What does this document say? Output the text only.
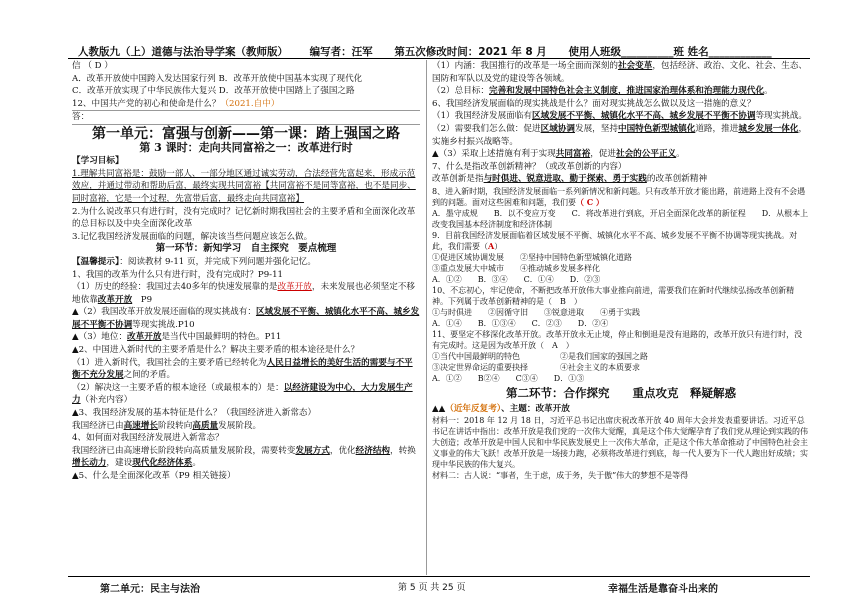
人教版九（上）道德与法治导学案（教师版） 编写者：汪军 第五次修改时间：2021 年 8 月 使用人班级__________班 姓名____________
信 （ D ）
A．改革开放使中国跨入发达国家行列 B．改革开放使中国基本实现了现代化
C．改革开放实现了中华民族伟大复兴 D．改革开放使中国踏上了强国之路
12、中国共产党的初心和使命是什么？（2021.自中）
答：
第一单元：富强与创新——第一课：踏上强国之路
第 3 课时：走向共同富裕之一：改革进行时
【学习目标】
1.理解共同富裕是：鼓励一部人、一部分地区通过诚实劳动，合法经营先富起来，形成示范效应，并通过带动和帮助后富，最终实现共同富裕【共同富裕不是同等富裕，也不是同步、同时富裕，它是一个过程，先富带后富，最终走向共同富裕】
2.为什么说改革只有进行时，没有完成时？记忆新时期我国社会的主要矛盾和全面深化改革的总目标以及中央全面深化改革
3.记忆我国经济发展面临的问题，解决该当些问题应该怎么做。
第一环节：新知学习　自主探究　要点梳理
【温馨提示】：阅读教材 9-11 页，并完成下列问题并强化记忆。
1、我国的改革为什么只有进行时，没有完成时？P9-11
（1）历史的经验：我国过去40多年的快速发展靠的是改革开放，未来发展也必须坚定不移地依靠改革开放　 P9
▲（2）我国改革开放发展还面临的现实挑战有：区域发展不平衡、城镇化水平不高、城乡发展不平衡不协调等现实挑战.P10
▲（3）地位：改革开放是当代中国最鲜明的特色。P11
▲2、中国进入新时代的主要矛盾是什么？解决主要矛盾的根本途径是什么？
（1）进入新时代，我国社会的主要矛盾已经转化为人民日益增长的美好生活的需要与不平衡不充分发展之间的矛盾。
（2）解决这一主要矛盾的根本途径（或最根本的）是：以经济建设为中心，大力发展生产力（补充内容）
▲3、我国经济发展的基本特征是什么？（我国经济进入新常态）
我国经济已由高速增长阶段转向高质量发展阶段。
4、如何面对我国经济发展进入新常态？
我国经济已由高速增长阶段转向高质量发展阶段，需要转变发展方式，优化经济结构，转换增长动力，建设现代化经济体系。
▲5、什么是全面深化改革（P9 相关链接）
（1）内涵：我国推行的改革是一场全面而深刻的社会变革，包括经济、政治、文化、社会、生态、国防和军队以及党的建设等各领域。
（2）总目标：完善和发展中国特色社会主义制度，推进国家治理体系和治理能力现代化。
6、我国经济发展面临的现实挑战是什么？面对现实挑战怎么做以及这一措施的意义？
（1）我国经济发展面临有区域发展不平衡、城镇化水平不高、城乡发展不平衡不协调等现实挑战。
（2）需要我们怎么做：促进区域协调发展，坚持中国特色新型城镇化道路，推进城乡发展一体化，实施乡村振兴战略等。
▲（3）采取上述措施有利于实现共同富裕，促进社会的公平正义。
7、什么是指改革创新精神？（或改革创新的内容）
改革创新是指与时俱进、锐意进取、勤于探索、勇于实践的改革创新精神
8、进入新时期，我国经济发展面临一系列新情况和新问题。只有改革开放才能出路，前进路上没有不会遇到的问题。面对这些困难和问题，我们要（ C ）
A．墨守成规　　B．以不变应万变　　C．将改革进行到底，开启全面深化改革的新征程　　D．从根本上改变我国基本经济制度和经济体制
9．目前我国经济发展面临着区域发展不平衡、城镇化水平不高、城乡发展不平衡不协调等现实挑战。对此，我们需要（A）
①促进区域协调发展　　②坚持中国特色新型城镇化道路
③重点发展大中城市　　④推动城乡发展多样化
A．①②　　B．③④　　C．①④　　D．②③
10、不忘初心，牢记使命，不断把改革开放伟大事业推向前进，需要我们在新时代继续弘扬改革创新精神。下列属于改革创新精神的是（　B　）
①与时俱进　　②因循守旧　　③锐意进取　　④勇于实践
A．①④　　B．①③④　　C．②③　　D．②④
11、要坚定不移深化改革开放。改革开放永无止境，停止和倒退是没有退路的，改革开放只有进行时，没有完成时。这是因为改革开放（　A　）
①当代中国最鲜明的特色　　　　　②是我们国家的强国之路
③决定世界命运的重要抉择　　　　④社会主义的本质要求
A．①②　　B②④　　C③④　　D．①③
第二环节：合作探究　　重点攻克　释疑解惑
▲▲（近年反复考）、主题：改革开放
材料一：2018 年 12 月 18 日，习近平总书记出席庆祝改革开放 40 周年大会并发表重要讲话。习近平总书记在讲话中指出：改革开放是我们党的一次伟大觉醒，真是这个伟大觉醒孕育了我们党从理论到实践的伟大创造；改革开放是中国人民和中华民族发展史上一次伟大革命，正是这个伟大革命推动了中国特色社会主义事业的伟大飞跃！改革开放是一场接力跑，必须将改革进行到底，每一代人要为下一代人跑出好成绩；实现中华民族的伟大复兴。
材料二：古人说：“事者，生于虑，成于务，失于傲”伟大的梦想不是等得
第二单元：民主与法治	第 5 页 共 25 页	幸福生活是靠奋斗出来的
